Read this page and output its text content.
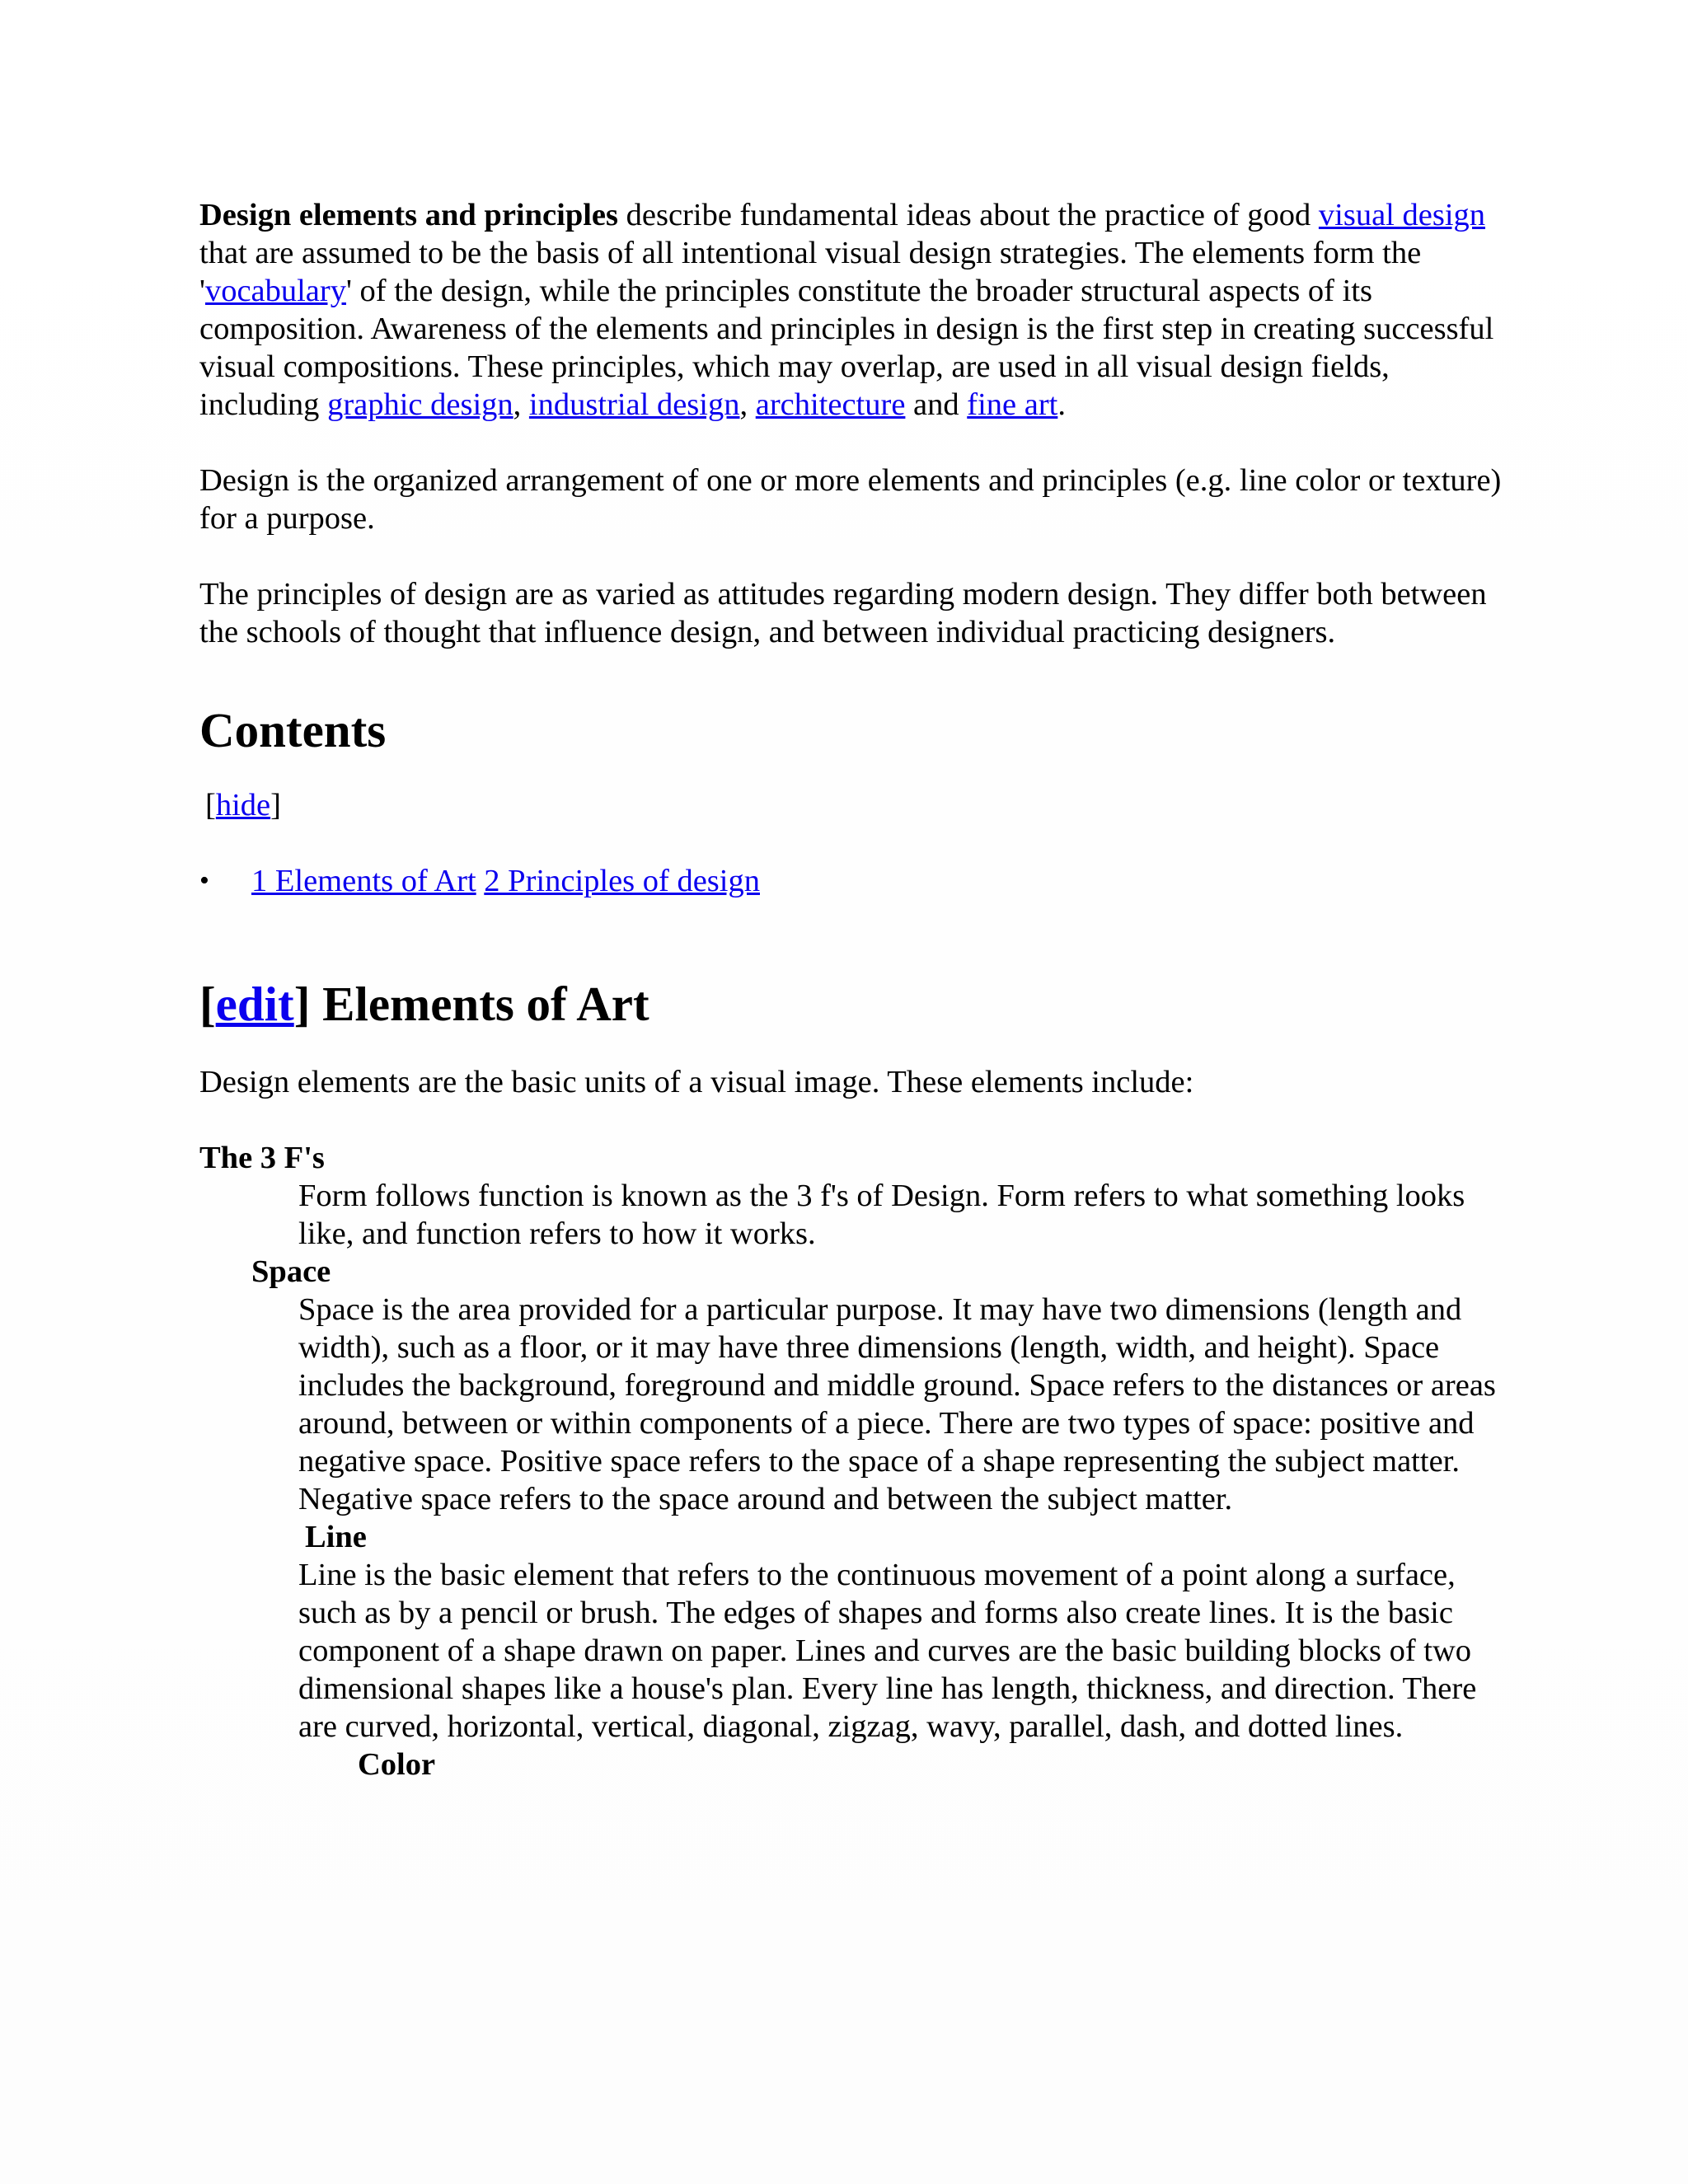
Design elements and principles describe fundamental ideas about the practice of good visual design that are assumed to be the basis of all intentional visual design strategies. The elements form the 'vocabulary' of the design, while the principles constitute the broader structural aspects of its composition. Awareness of the elements and principles in design is the first step in creating successful visual compositions. These principles, which may overlap, are used in all visual design fields, including graphic design, industrial design, architecture and fine art.

Design is the organized arrangement of one or more elements and principles (e.g. line color or texture) for a purpose.

The principles of design are as varied as attitudes regarding modern design. They differ both between the schools of thought that influence design, and between individual practicing designers.

Contents
[hide]
• 1 Elements of Art 2 Principles of design
[edit] Elements of Art

Design elements are the basic units of a visual image. These elements include:

The 3 F's
Form follows function is known as the 3 f's of Design. Form refers to what something looks like, and function refers to how it works.
Space
Space is the area provided for a particular purpose. It may have two dimensions (length and width), such as a floor, or it may have three dimensions (length, width, and height). Space includes the background, foreground and middle ground. Space refers to the distances or areas around, between or within components of a piece. There are two types of space: positive and negative space. Positive space refers to the space of a shape representing the subject matter. Negative space refers to the space around and between the subject matter.
Line
Line is the basic element that refers to the continuous movement of a point along a surface, such as by a pencil or brush. The edges of shapes and forms also create lines. It is the basic component of a shape drawn on paper. Lines and curves are the basic building blocks of two dimensional shapes like a house's plan. Every line has length, thickness, and direction. There are curved, horizontal, vertical, diagonal, zigzag, wavy, parallel, dash, and dotted lines.
Color
